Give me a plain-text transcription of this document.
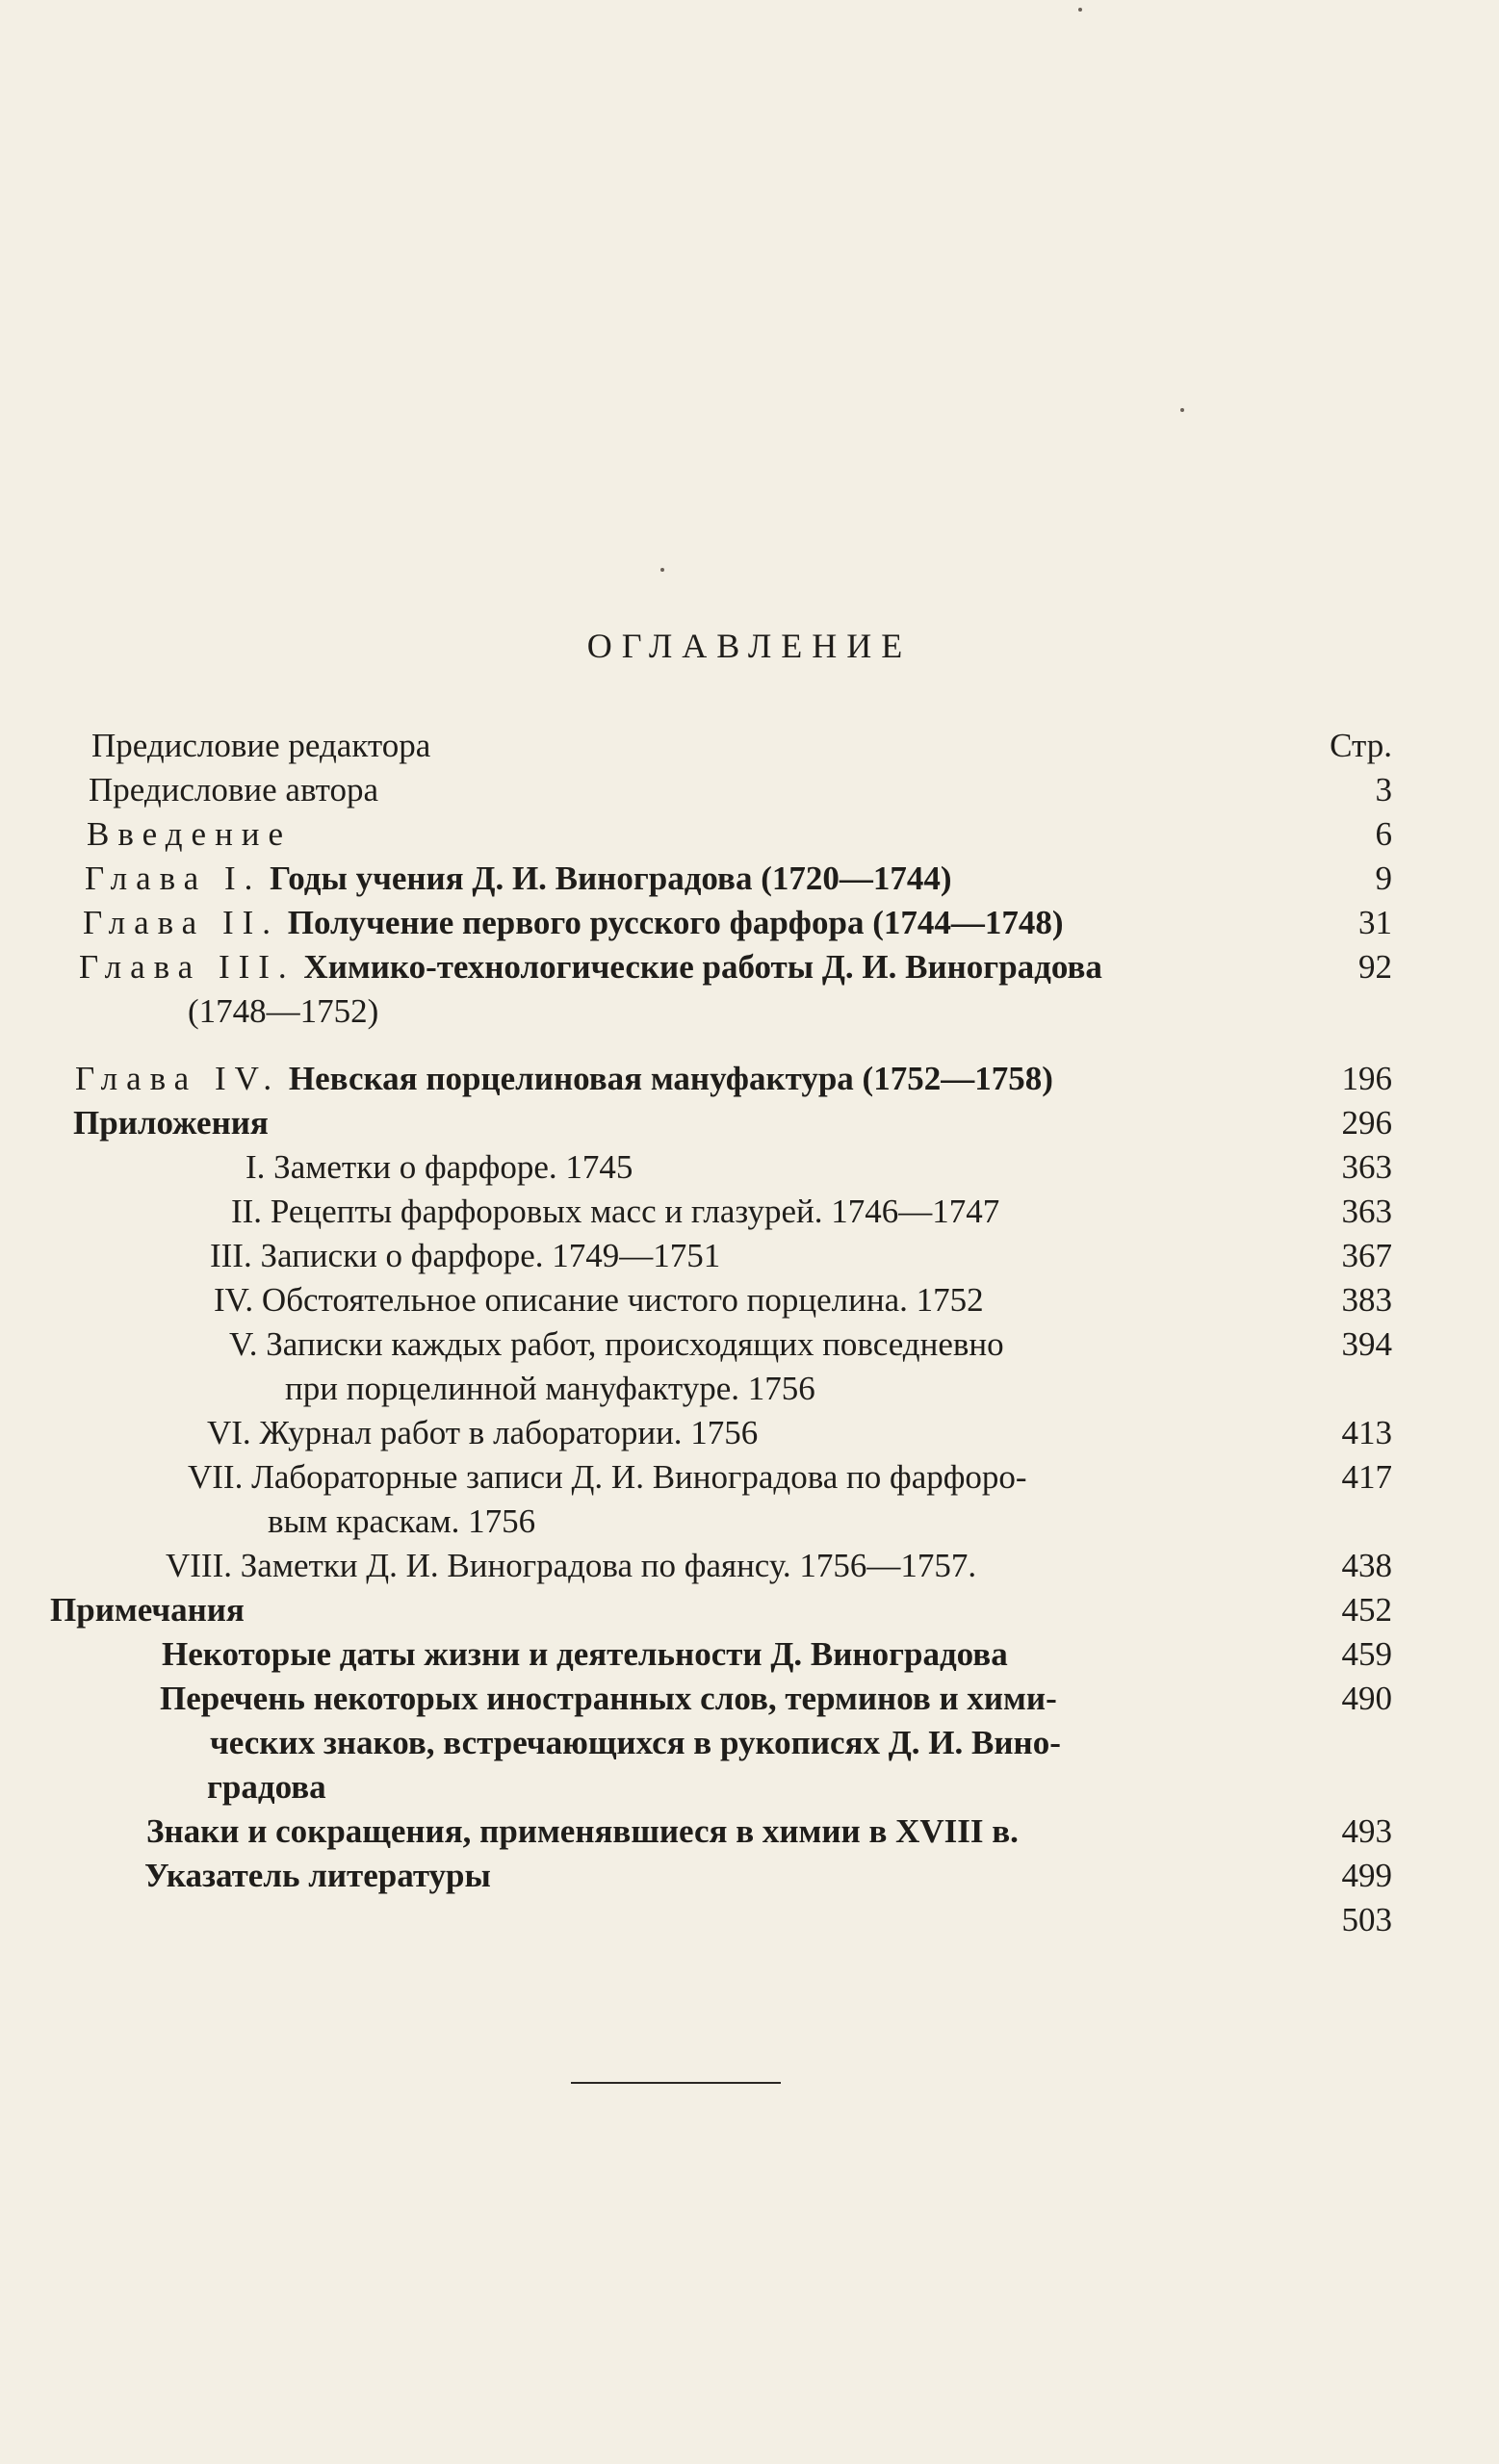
ОГЛАВЛЕНИЕ
Стр.
Предисловие редактора
Предисловие автора	3
Введение	6
Глава I. Годы учения Д. И. Виноградова (1720—1744)	9
Глава II. Получение первого русского фарфора (1744—1748)	31
Глава III. Химико-технологические работы Д. И. Виноградова	92
(1748—1752)
Глава IV. Невская порцелиновая мануфактура (1752—1758)	196
Приложения	296
I. Заметки о фарфоре. 1745	363
II. Рецепты фарфоровых масс и глазурей. 1746—1747	363
III. Записки о фарфоре. 1749—1751	367
IV. Обстоятельное описание чистого порцелина. 1752	383
V. Записки каждых работ, происходящих повседневно	394
при порцелинной мануфактуре. 1756
VI. Журнал работ в лаборатории. 1756	413
VII. Лабораторные записи Д. И. Виноградова по фарфоро-	417
вым краскам. 1756
VIII. Заметки Д. И. Виноградова по фаянсу. 1756—1757.	438
Примечания	452
Некоторые даты жизни и деятельности Д. Виноградова	459
Перечень некоторых иностранных слов, терминов и хими-	490
ческих знаков, встречающихся в рукописях Д. И. Вино-
градова
Знаки и сокращения, применявшиеся в химии в XVIII в.	493
Указатель литературы	499
503
